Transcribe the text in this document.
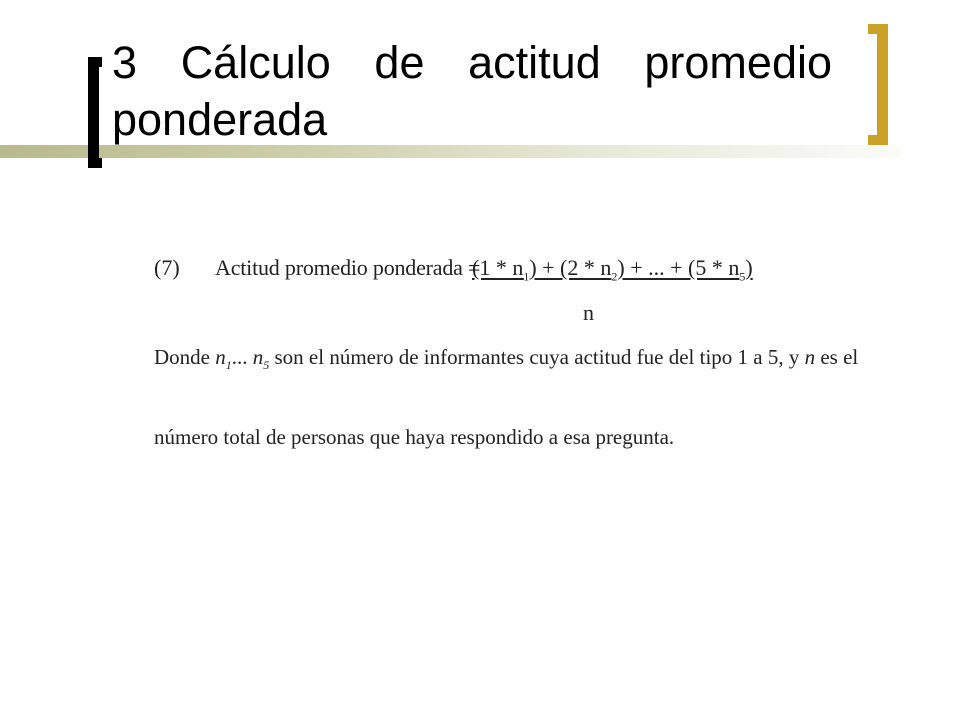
3 Cálculo de actitud promedio ponderada
(7) Actitud promedio ponderada =
$(1 * n_1) + (2 * n_2)$ + ... + $(5 * n_5)$
n
Donde $n_1$... $n_5$ son el número de informantes cuya actitud fue del tipo 1 a 5, y n es el
número total de personas que haya respondido a esa pregunta.
